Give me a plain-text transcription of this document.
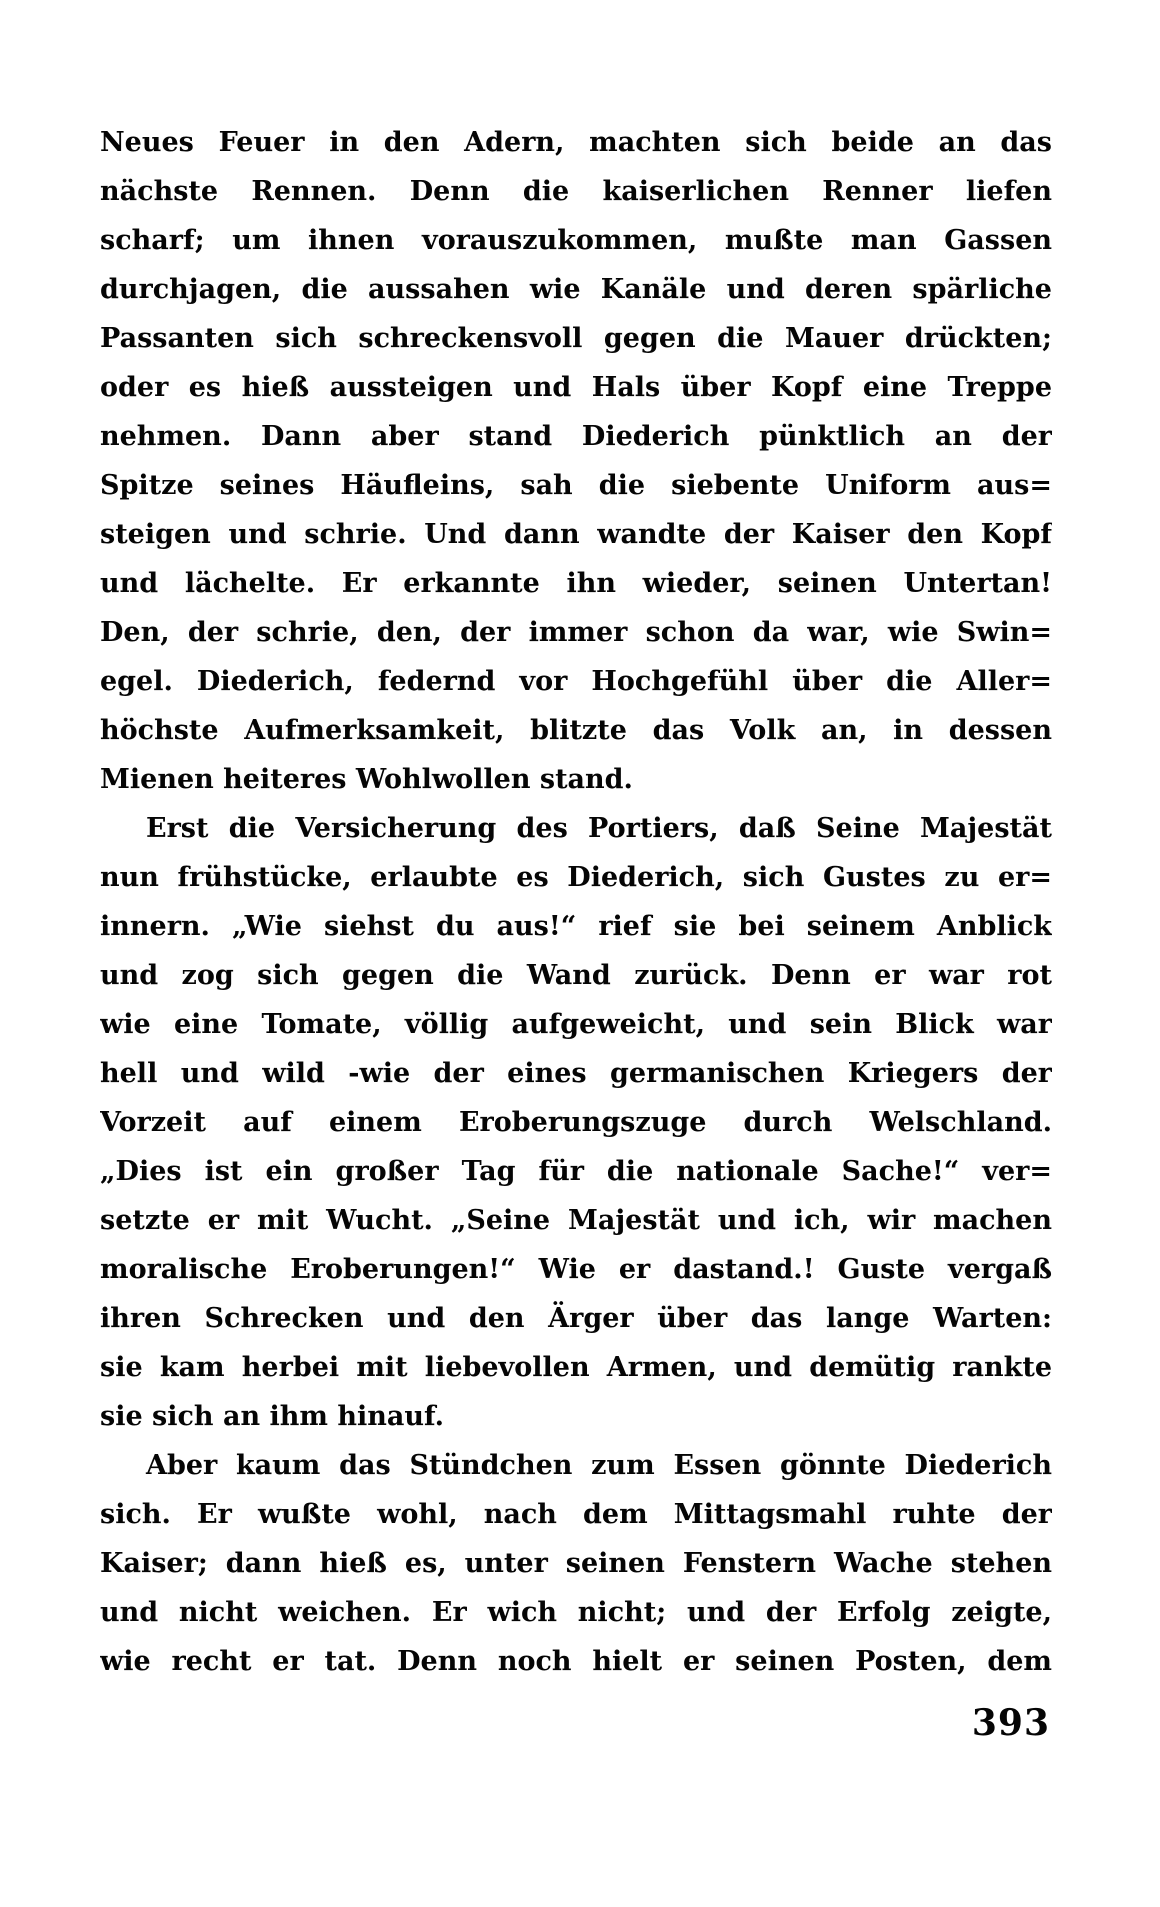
Neues Feuer in den Adern, machten sich beide an das
nächste Rennen. Denn die kaiserlichen Renner liefen
scharf; um ihnen vorauszukommen, mußte man Gassen
durchjagen, die aussahen wie Kanäle und deren spärliche
Passanten sich schreckensvoll gegen die Mauer drückten;
oder es hieß aussteigen und Hals über Kopf eine Treppe
nehmen. Dann aber stand Diederich pünktlich an der
Spitze seines Häufleins, sah die siebente Uniform aus=
steigen und schrie. Und dann wandte der Kaiser den Kopf
und lächelte. Er erkannte ihn wieder, seinen Untertan!
Den, der schrie, den, der immer schon da war, wie Swin=
egel. Diederich, federnd vor Hochgefühl über die Aller=
höchste Aufmerksamkeit, blitzte das Volk an, in dessen
Mienen heiteres Wohlwollen stand.
Erst die Versicherung des Portiers, daß Seine Majestät
nun frühstücke, erlaubte es Diederich, sich Gustes zu er=
innern. „Wie siehst du aus!“ rief sie bei seinem Anblick
und zog sich gegen die Wand zurück. Denn er war rot
wie eine Tomate, völlig aufgeweicht, und sein Blick war
hell und wild -wie der eines germanischen Kriegers der
Vorzeit auf einem Eroberungszuge durch Welschland.
„Dies ist ein großer Tag für die nationale Sache!“ ver=
setzte er mit Wucht. „Seine Majestät und ich, wir machen
moralische Eroberungen!“ Wie er dastand.! Guste vergaß
ihren Schrecken und den Ärger über das lange Warten:
sie kam herbei mit liebevollen Armen, und demütig rankte
sie sich an ihm hinauf.
Aber kaum das Stündchen zum Essen gönnte Diederich
sich. Er wußte wohl, nach dem Mittagsmahl ruhte der
Kaiser; dann hieß es, unter seinen Fenstern Wache stehen
und nicht weichen. Er wich nicht; und der Erfolg zeigte,
wie recht er tat. Denn noch hielt er seinen Posten, dem
393
